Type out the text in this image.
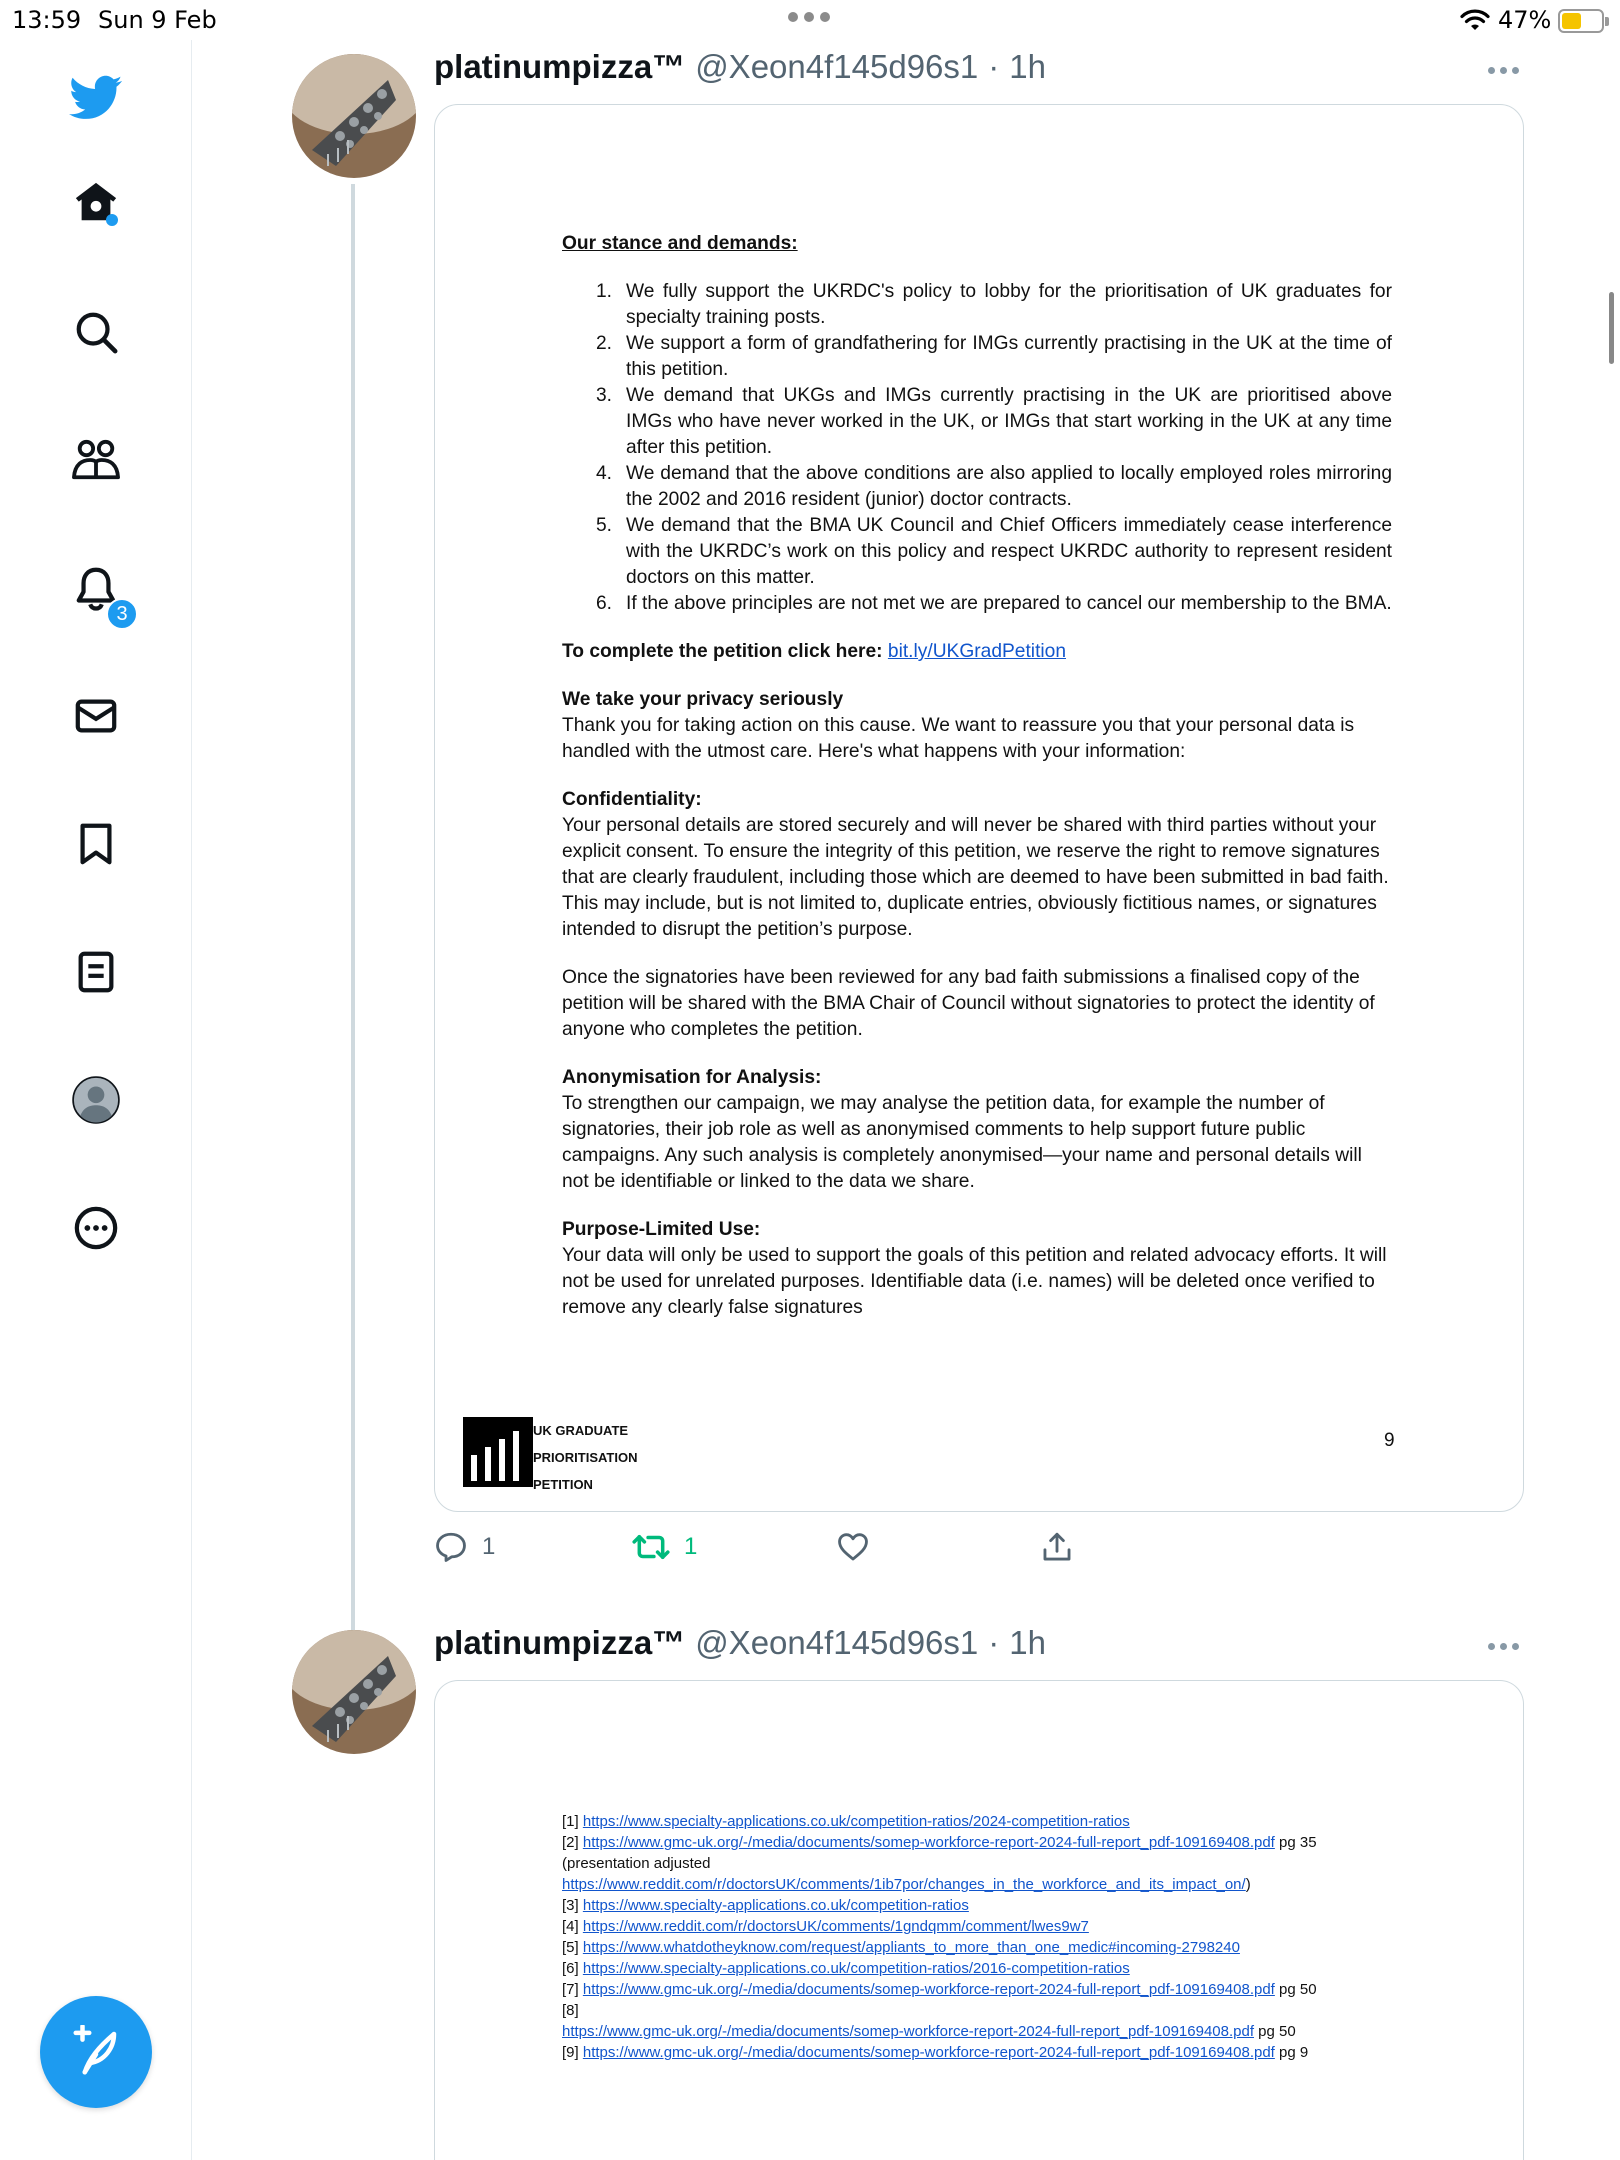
13:59 Sun 9 Feb	47%
3
platinumpizza™ @Xeon4f145d96s1 · 1h
Our stance and demands:
1. We fully support the UKRDC's policy to lobby for the prioritisation of UK graduates for specialty training posts.
2. We support a form of grandfathering for IMGs currently practising in the UK at the time of this petition.
3. We demand that UKGs and IMGs currently practising in the UK are prioritised above IMGs who have never worked in the UK, or IMGs that start working in the UK at any time after this petition.
4. We demand that the above conditions are also applied to locally employed roles mirroring the 2002 and 2016 resident (junior) doctor contracts.
5. We demand that the BMA UK Council and Chief Officers immediately cease interference with the UKRDC’s work on this policy and respect UKRDC authority to represent resident doctors on this matter.
6. If the above principles are not met we are prepared to cancel our membership to the BMA.
To complete the petition click here: bit.ly/UKGradPetition
We take your privacy seriously
Thank you for taking action on this cause. We want to reassure you that your personal data is handled with the utmost care. Here's what happens with your information:
Confidentiality:
Your personal details are stored securely and will never be shared with third parties without your explicit consent. To ensure the integrity of this petition, we reserve the right to remove signatures that are clearly fraudulent, including those which are deemed to have been submitted in bad faith. This may include, but is not limited to, duplicate entries, obviously fictitious names, or signatures intended to disrupt the petition’s purpose.
Once the signatories have been reviewed for any bad faith submissions a finalised copy of the petition will be shared with the BMA Chair of Council without signatories to protect the identity of anyone who completes the petition.
Anonymisation for Analysis:
To strengthen our campaign, we may analyse the petition data, for example the number of signatories, their job role as well as anonymised comments to help support future public campaigns. Any such analysis is completely anonymised—your name and personal details will not be identifiable or linked to the data we share.
Purpose-Limited Use:
Your data will only be used to support the goals of this petition and related advocacy efforts. It will not be used for unrelated purposes. Identifiable data (i.e. names) will be deleted once verified to remove any clearly false signatures
UK GRADUATE
PRIORITISATION
PETITION
9
1	1
platinumpizza™ @Xeon4f145d96s1 · 1h
[1] https://www.specialty-applications.co.uk/competition-ratios/2024-competition-ratios
[2] https://www.gmc-uk.org/-/media/documents/somep-workforce-report-2024-full-report_pdf-109169408.pdf pg 35
(presentation adjusted
https://www.reddit.com/r/doctorsUK/comments/1ib7por/changes_in_the_workforce_and_its_impact_on/)
[3] https://www.specialty-applications.co.uk/competition-ratios
[4] https://www.reddit.com/r/doctorsUK/comments/1gndqmm/comment/lwes9w7
[5] https://www.whatdotheyknow.com/request/appliants_to_more_than_one_medic#incoming-2798240
[6] https://www.specialty-applications.co.uk/competition-ratios/2016-competition-ratios
[7] https://www.gmc-uk.org/-/media/documents/somep-workforce-report-2024-full-report_pdf-109169408.pdf pg 50
[8]
https://www.gmc-uk.org/-/media/documents/somep-workforce-report-2024-full-report_pdf-109169408.pdf pg 50
[9] https://www.gmc-uk.org/-/media/documents/somep-workforce-report-2024-full-report_pdf-109169408.pdf pg 9
